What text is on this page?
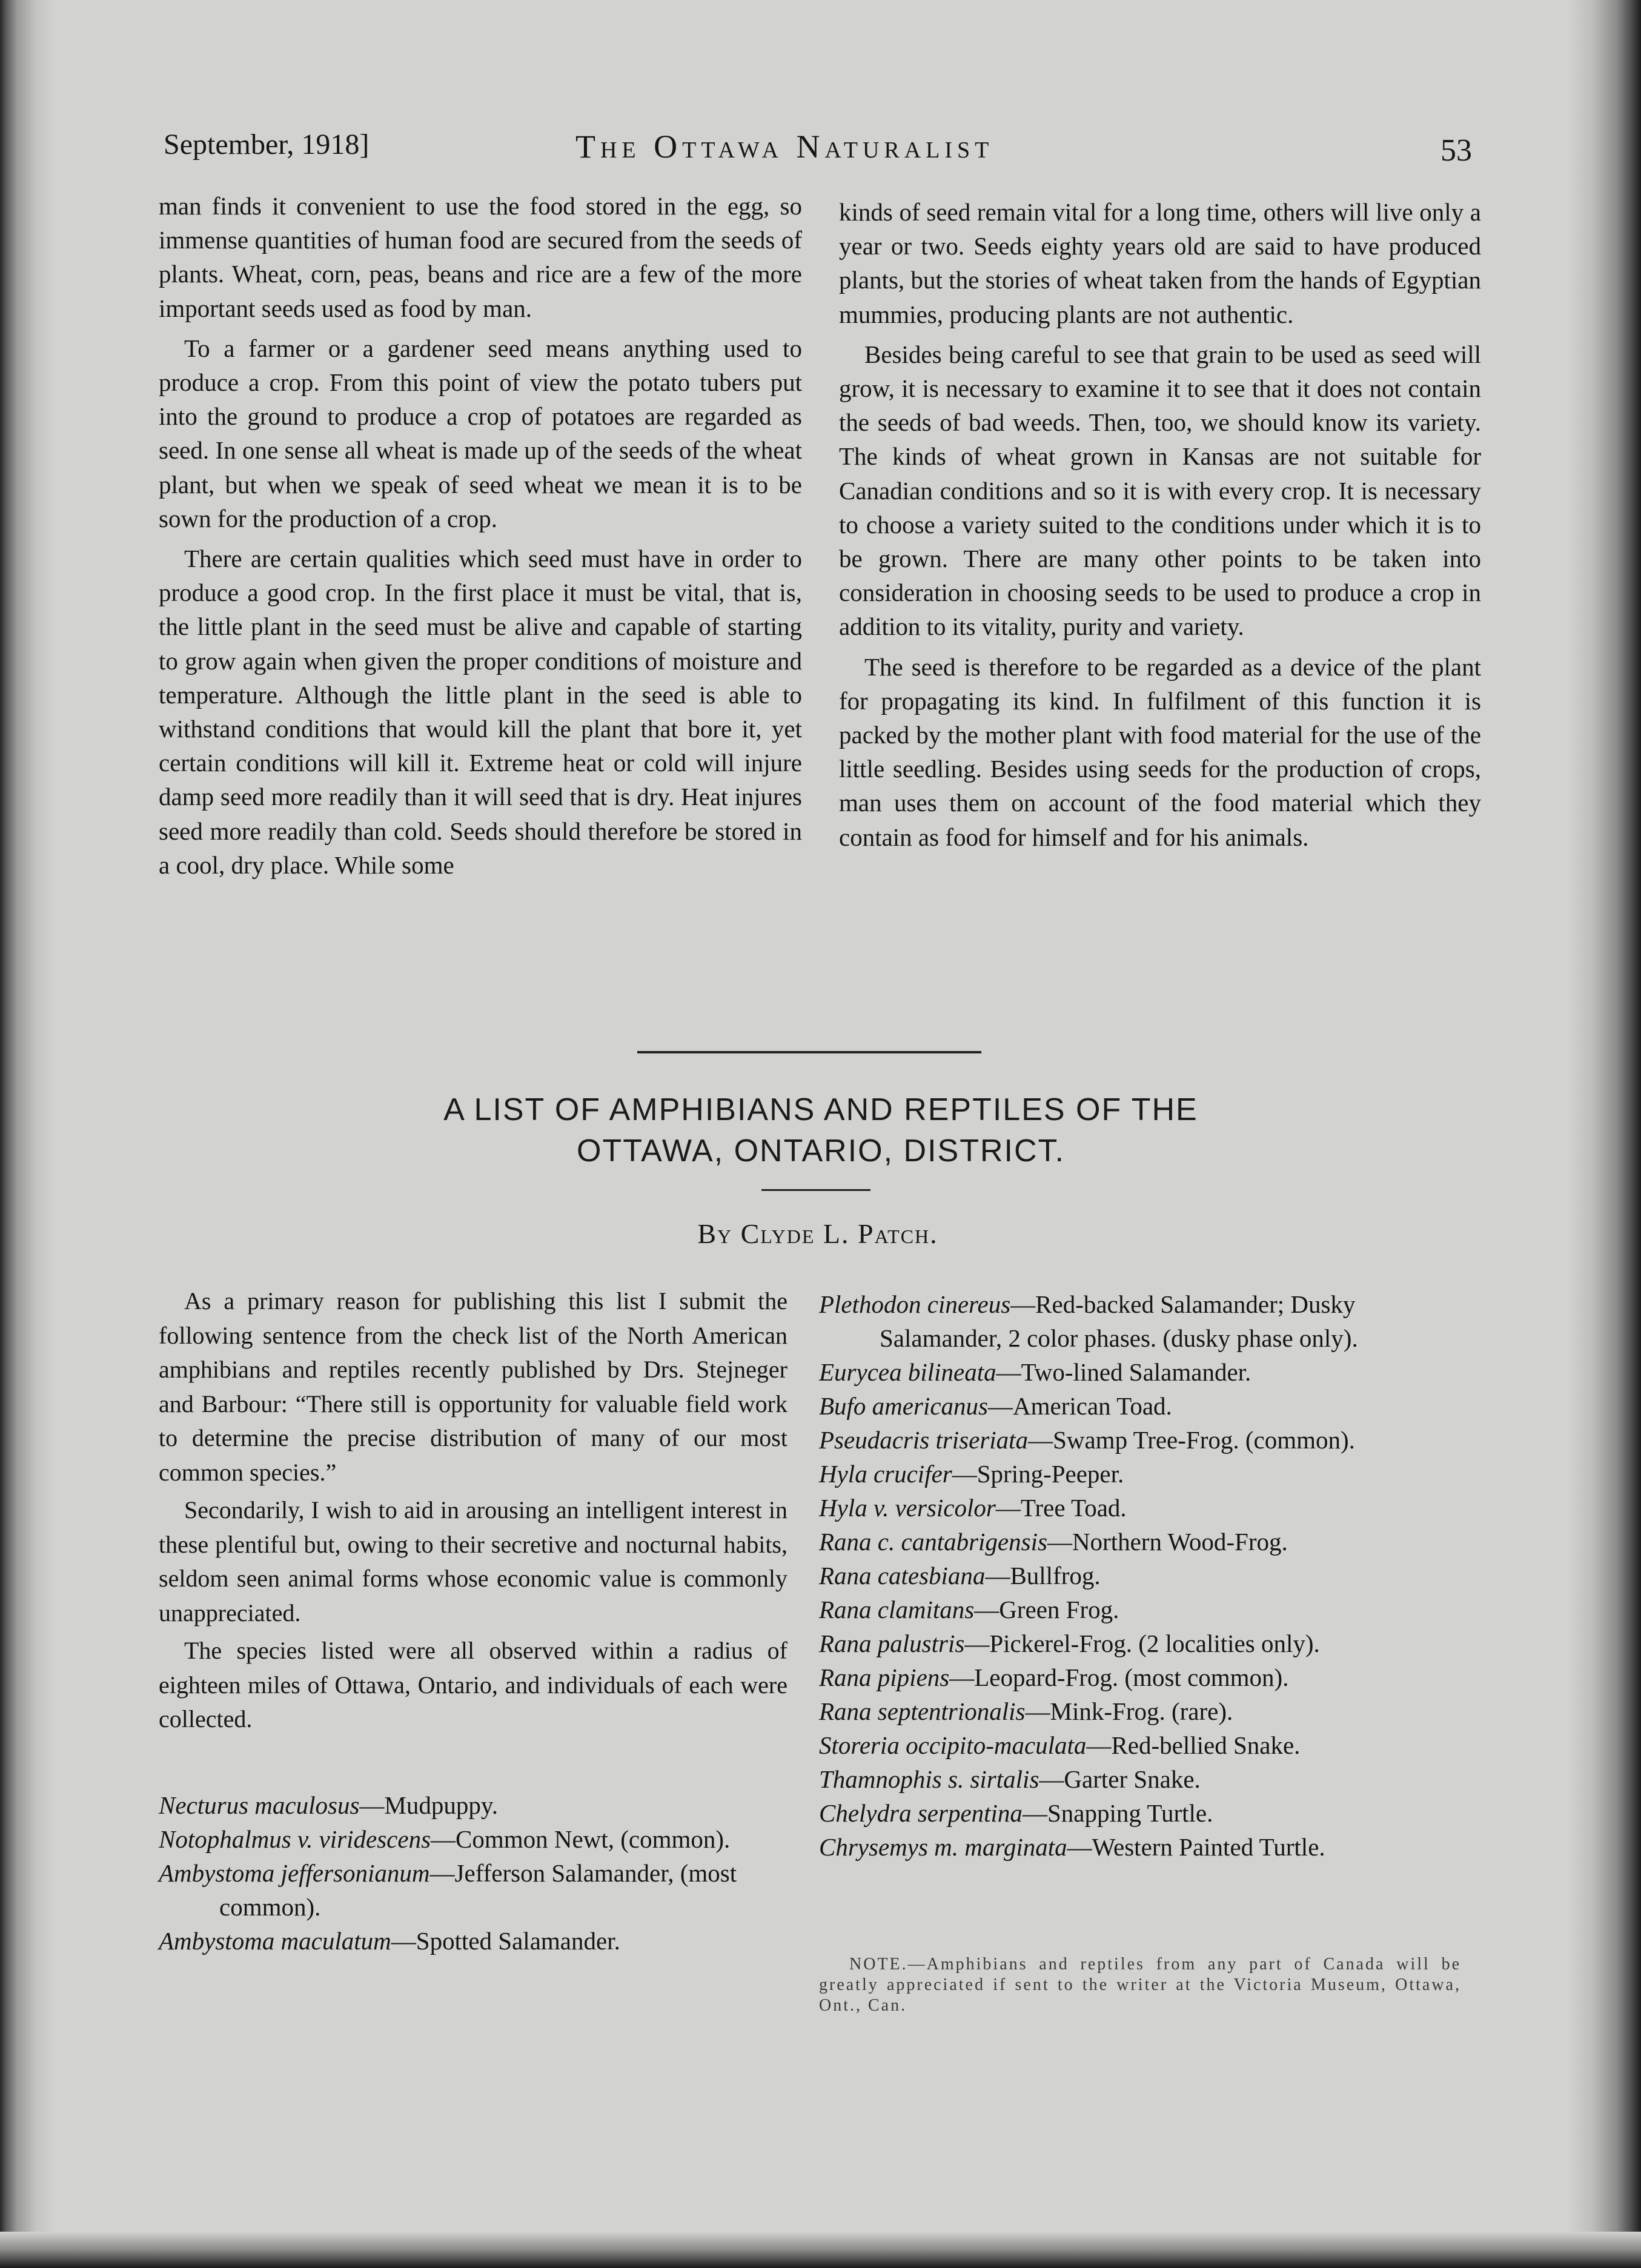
September, 1918]	The Ottawa Naturalist	53

man finds it convenient to use the food stored in the egg, so immense quantities of human food are secured from the seeds of plants. Wheat, corn, peas, beans and rice are a few of the more important seeds used as food by man.

To a farmer or a gardener seed means anything used to produce a crop. From this point of view the potato tubers put into the ground to produce a crop of potatoes are regarded as seed. In one sense all wheat is made up of the seeds of the wheat plant, but when we speak of seed wheat we mean it is to be sown for the production of a crop.

There are certain qualities which seed must have in order to produce a good crop. In the first place it must be vital, that is, the little plant in the seed must be alive and capable of starting to grow again when given the proper conditions of moisture and temperature. Although the little plant in the seed is able to withstand conditions that would kill the plant that bore it, yet certain conditions will kill it. Extreme heat or cold will injure damp seed more readily than it will seed that is dry. Heat injures seed more readily than cold. Seeds should therefore be stored in a cool, dry place. While some

kinds of seed remain vital for a long time, others will live only a year or two. Seeds eighty years old are said to have produced plants, but the stories of wheat taken from the hands of Egyptian mummies, producing plants are not authentic.

Besides being careful to see that grain to be used as seed will grow, it is necessary to examine it to see that it does not contain the seeds of bad weeds. Then, too, we should know its variety. The kinds of wheat grown in Kansas are not suitable for Canadian conditions and so it is with every crop. It is necessary to choose a variety suited to the conditions under which it is to be grown. There are many other points to be taken into consideration in choosing seeds to be used to produce a crop in addition to its vitality, purity and variety.

The seed is therefore to be regarded as a device of the plant for propagating its kind. In fulfilment of this function it is packed by the mother plant with food material for the use of the little seedling. Besides using seeds for the production of crops, man uses them on account of the food material which they contain as food for himself and for his animals.

A LIST OF AMPHIBIANS AND REPTILES OF THE
OTTAWA, ONTARIO, DISTRICT.
By Clyde L. Patch.

As a primary reason for publishing this list I submit the following sentence from the check list of the North American amphibians and reptiles recently published by Drs. Stejneger and Barbour: “There still is opportunity for valuable field work to determine the precise distribution of many of our most common species.”

Secondarily, I wish to aid in arousing an intelligent interest in these plentiful but, owing to their secretive and nocturnal habits, seldom seen animal forms whose economic value is commonly unappreciated.

The species listed were all observed within a radius of eighteen miles of Ottawa, Ontario, and individuals of each were collected.

Necturus maculosus—Mudpuppy.

Notophalmus v. viridescens—Common Newt, (common).

Ambystoma jeffersonianum—Jefferson Salamander, (most common).

Ambystoma maculatum—Spotted Salamander.

Plethodon cinereus—Red-backed Salamander; Dusky Salamander, 2 color phases. (dusky phase only).

Eurycea bilineata—Two-lined Salamander.

Bufo americanus—American Toad.

Pseudacris triseriata—Swamp Tree-Frog. (common).

Hyla crucifer—Spring-Peeper.

Hyla v. versicolor—Tree Toad.

Rana c. cantabrigensis—Northern Wood-Frog.

Rana catesbiana—Bullfrog.

Rana clamitans—Green Frog.

Rana palustris—Pickerel-Frog. (2 localities only).

Rana pipiens—Leopard-Frog. (most common).

Rana septentrionalis—Mink-Frog. (rare).

Storeria occipito-maculata—Red-bellied Snake.

Thamnophis s. sirtalis—Garter Snake.

Chelydra serpentina—Snapping Turtle.

Chrysemys m. marginata—Western Painted Turtle.

NOTE.—Amphibians and reptiles from any part of Canada will be greatly appreciated if sent to the writer at the Victoria Museum, Ottawa, Ont., Can.
